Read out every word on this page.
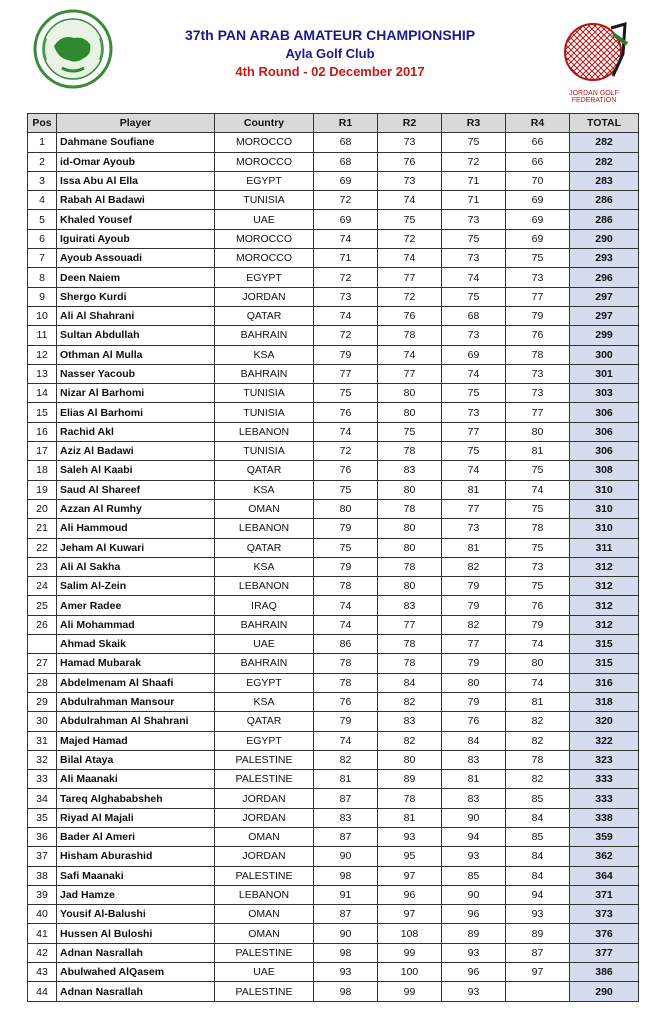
37th PAN ARAB AMATEUR CHAMPIONSHIP
Ayla Golf Club
4th Round - 02 December 2017
JORDAN GOLF FEDERATION
Pos	Player	Country	R1	R2	R3	R4	TOTAL
1	Dahmane Soufiane	MOROCCO	68	73	75	66	282
2	id-Omar Ayoub	MOROCCO	68	76	72	66	282
3	Issa Abu Al Ella	EGYPT	69	73	71	70	283
4	Rabah Al Badawi	TUNISIA	72	74	71	69	286
5	Khaled Yousef	UAE	69	75	73	69	286
6	Iguirati Ayoub	MOROCCO	74	72	75	69	290
7	Ayoub Assouadi	MOROCCO	71	74	73	75	293
8	Deen Naiem	EGYPT	72	77	74	73	296
9	Shergo Kurdi	JORDAN	73	72	75	77	297
10	Ali Al Shahrani	QATAR	74	76	68	79	297
11	Sultan Abdullah	BAHRAIN	72	78	73	76	299
12	Othman Al Mulla	KSA	79	74	69	78	300
13	Nasser Yacoub	BAHRAIN	77	77	74	73	301
14	Nizar Al Barhomi	TUNISIA	75	80	75	73	303
15	Elias Al Barhomi	TUNISIA	76	80	73	77	306
16	Rachid Akl	LEBANON	74	75	77	80	306
17	Aziz Al Badawi	TUNISIA	72	78	75	81	306
18	Saleh Al Kaabi	QATAR	76	83	74	75	308
19	Saud Al Shareef	KSA	75	80	81	74	310
20	Azzan Al Rumhy	OMAN	80	78	77	75	310
21	Ali Hammoud	LEBANON	79	80	73	78	310
22	Jeham Al Kuwari	QATAR	75	80	81	75	311
23	Ali Al Sakha	KSA	79	78	82	73	312
24	Salim Al-Zein	LEBANON	78	80	79	75	312
25	Amer Radee	IRAQ	74	83	79	76	312
26	Ali Mohammad	BAHRAIN	74	77	82	79	312
	Ahmad Skaik	UAE	86	78	77	74	315
27	Hamad Mubarak	BAHRAIN	78	78	79	80	315
28	Abdelmenam Al Shaafi	EGYPT	78	84	80	74	316
29	Abdulrahman Mansour	KSA	76	82	79	81	318
30	Abdulrahman Al Shahrani	QATAR	79	83	76	82	320
31	Majed Hamad	EGYPT	74	82	84	82	322
32	Bilal Ataya	PALESTINE	82	80	83	78	323
33	Ali Maanaki	PALESTINE	81	89	81	82	333
34	Tareq Alghababsheh	JORDAN	87	78	83	85	333
35	Riyad Al Majali	JORDAN	83	81	90	84	338
36	Bader Al Ameri	OMAN	87	93	94	85	359
37	Hisham Aburashid	JORDAN	90	95	93	84	362
38	Safi Maanaki	PALESTINE	98	97	85	84	364
39	Jad Hamze	LEBANON	91	96	90	94	371
40	Yousif Al-Balushi	OMAN	87	97	96	93	373
41	Hussen Al Buloshi	OMAN	90	108	89	89	376
42	Adnan Nasrallah	PALESTINE	98	99	93	87	377
43	Abulwahed AlQasem	UAE	93	100	96	97	386
44	Adnan Nasrallah	PALESTINE	98	99	93		290
